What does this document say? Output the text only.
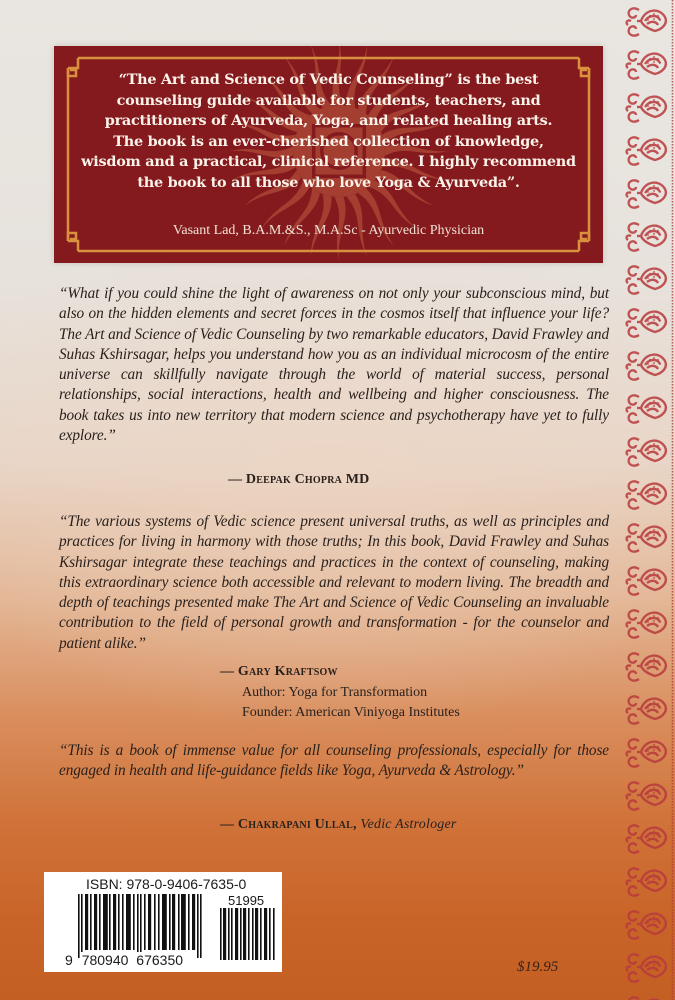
“The Art and Science of Vedic Counseling” is the best
counseling guide available for students, teachers, and
practitioners of Ayurveda, Yoga, and related healing arts.
The book is an ever-cherished collection of knowledge,
wisdom and a practical, clinical reference. I highly recommend
the book to all those who love Yoga & Ayurveda”.
Vasant Lad, B.A.M.&S., M.A.Sc - Ayurvedic Physician

“What if you could shine the light of awareness on not only your subconscious mind, but also on the hidden elements and secret forces in the cosmos itself that influence your life? The Art and Science of Vedic Counseling by two remarkable educators, David Frawley and Suhas Kshirsagar, helps you understand how you as an individual microcosm of the entire universe can skillfully navigate through the world of material success, personal relationships, social interactions, health and wellbeing and higher consciousness. The book takes us into new territory that modern science and psychotherapy have yet to fully explore.”

— Deepak Chopra MD

“The various systems of Vedic science present universal truths, as well as principles and practices for living in harmony with those truths; In this book, David Frawley and Suhas Kshirsagar integrate these teachings and practices in the context of counseling, making this extraordinary science both accessible and relevant to modern living. The breadth and depth of teachings presented make The Art and Science of Vedic Counseling an invaluable contribution to the field of personal growth and transformation - for the counselor and patient alike.”

— Gary Kraftsow
Author: Yoga for Transformation
Founder: American Viniyoga Institutes

“This is a book of immense value for all counseling professionals, especially for those engaged in health and life-guidance fields like Yoga, Ayurveda & Astrology.”

— Chakrapani Ullal, Vedic Astrologer
ISBN: 978-0-9406-7635-0
51995
9 780940 676350	$19.95
